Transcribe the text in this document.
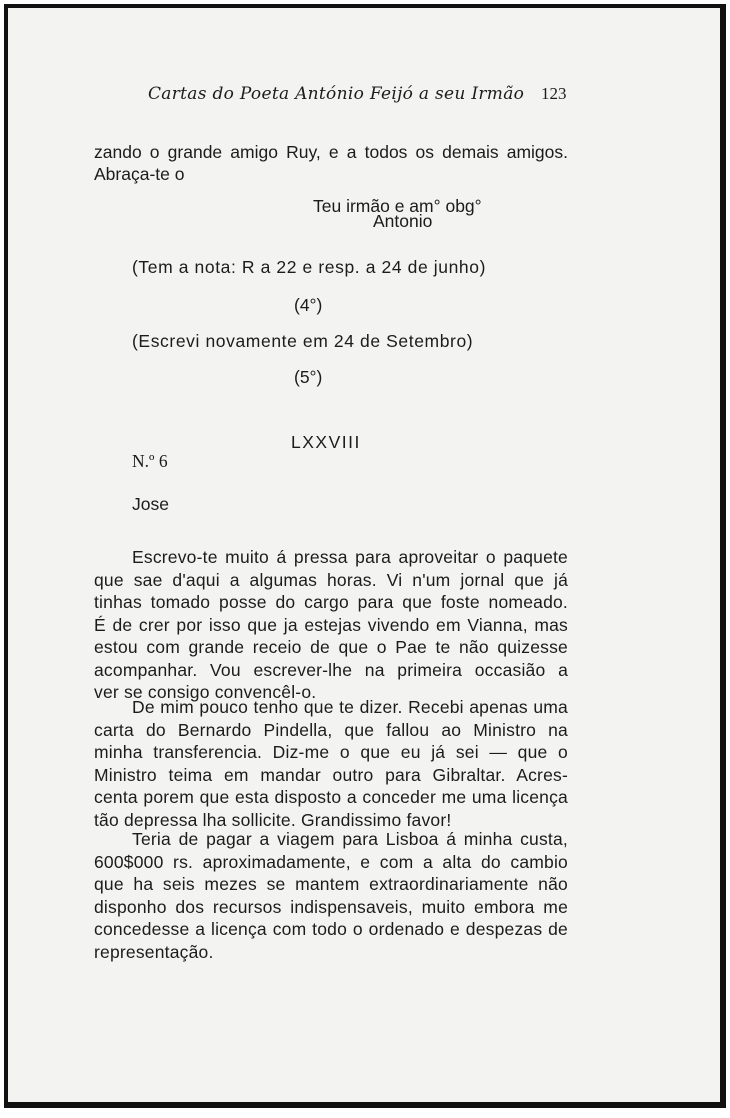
Cartas do Poeta António Feijó a seu Irmão 123
zando o grande amigo Ruy, e a todos os demais amigos.
Abraça-te o
Teu irmão e am° obg°
Antonio
(Tem a nota: R a 22 e resp. a 24 de junho)
(4°)
(Escrevi novamente em 24 de Setembro)
(5°)
LXXVIII
N.º 6
Jose
Escrevo-te muito á pressa para aproveitar o paquete
que sae d'aqui a algumas horas. Vi n'um jornal que já
tinhas tomado posse do cargo para que foste nomeado.
É de crer por isso que ja estejas vivendo em Vianna, mas
estou com grande receio de que o Pae te não quizesse
acompanhar. Vou escrever-lhe na primeira occasião a
ver se consigo convencêl-o.
De mim pouco tenho que te dizer. Recebi apenas uma
carta do Bernardo Pindella, que fallou ao Ministro na
minha transferencia. Diz-me o que eu já sei — que o
Ministro teima em mandar outro para Gibraltar. Acres-
centa porem que esta disposto a conceder me uma licença
tão depressa lha sollicite. Grandissimo favor!
Teria de pagar a viagem para Lisboa á minha custa,
600$000 rs. aproximadamente, e com a alta do cambio
que ha seis mezes se mantem extraordinariamente não
disponho dos recursos indispensaveis, muito embora me
concedesse a licença com todo o ordenado e despezas de
representação.
